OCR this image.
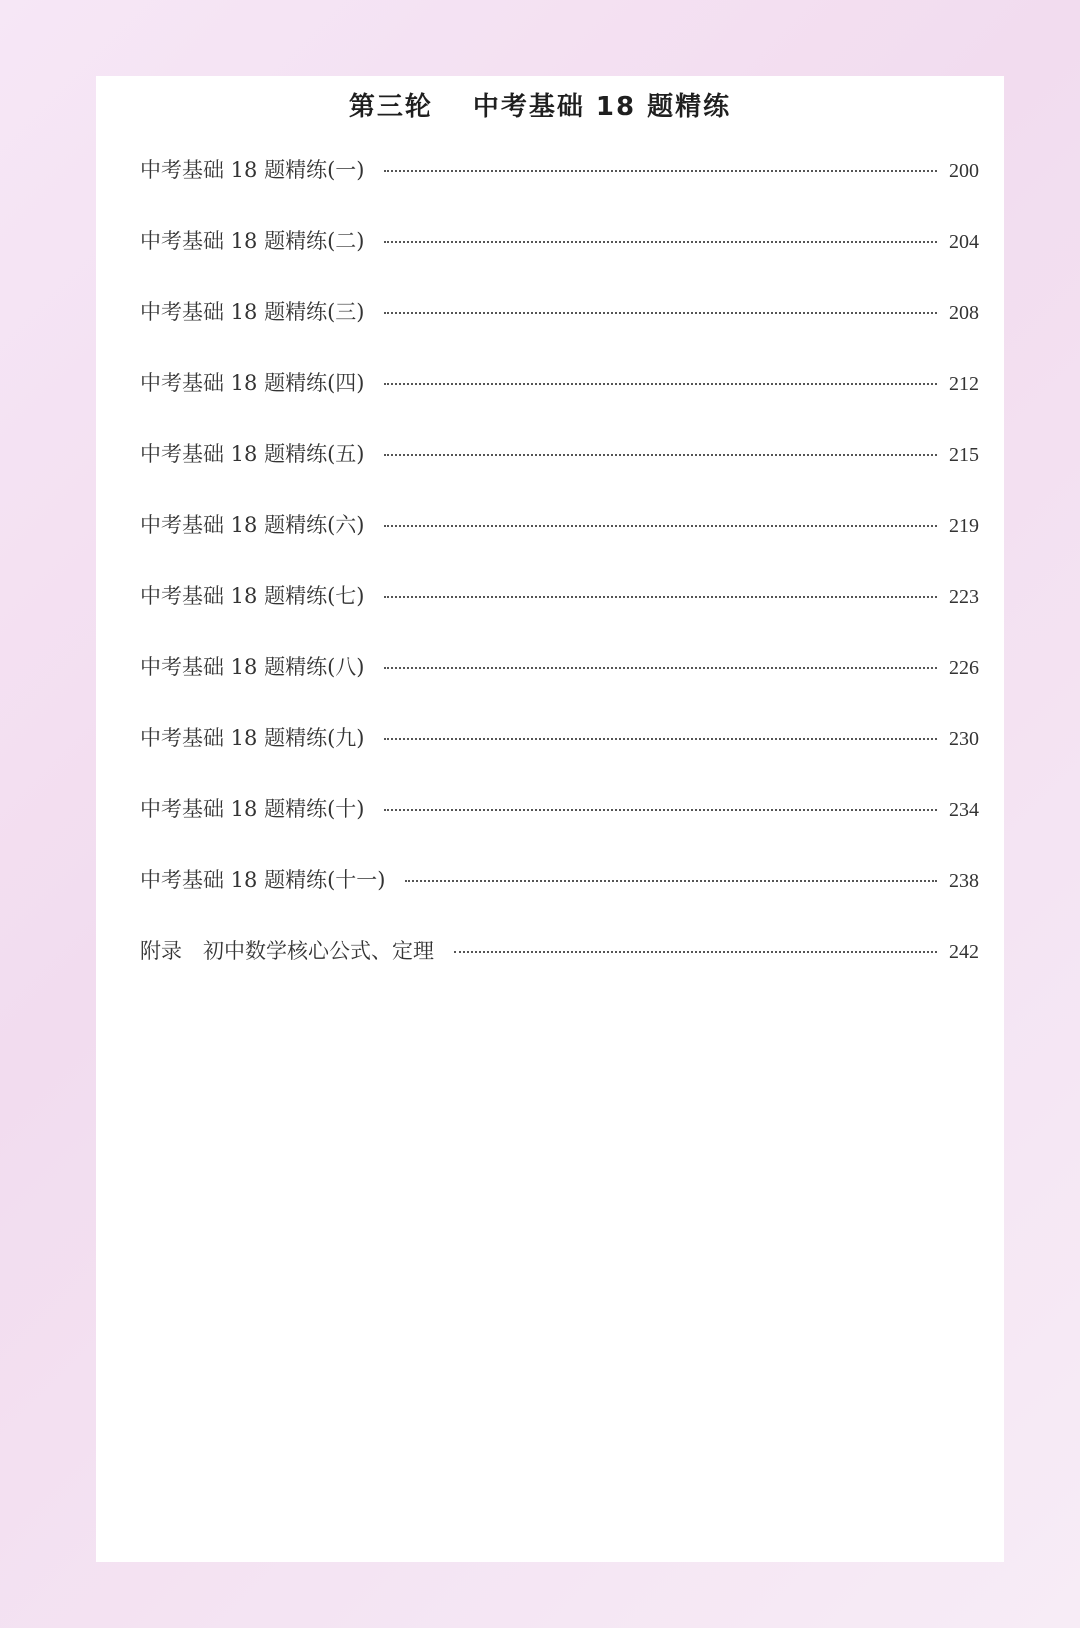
第三轮 中考基础 18 题精练
中考基础 18 题精练(一)	200
中考基础 18 题精练(二)	204
中考基础 18 题精练(三)	208
中考基础 18 题精练(四)	212
中考基础 18 题精练(五)	215
中考基础 18 题精练(六)	219
中考基础 18 题精练(七)	223
中考基础 18 题精练(八)	226
中考基础 18 题精练(九)	230
中考基础 18 题精练(十)	234
中考基础 18 题精练(十一)	238
附录　初中数学核心公式、定理	242
